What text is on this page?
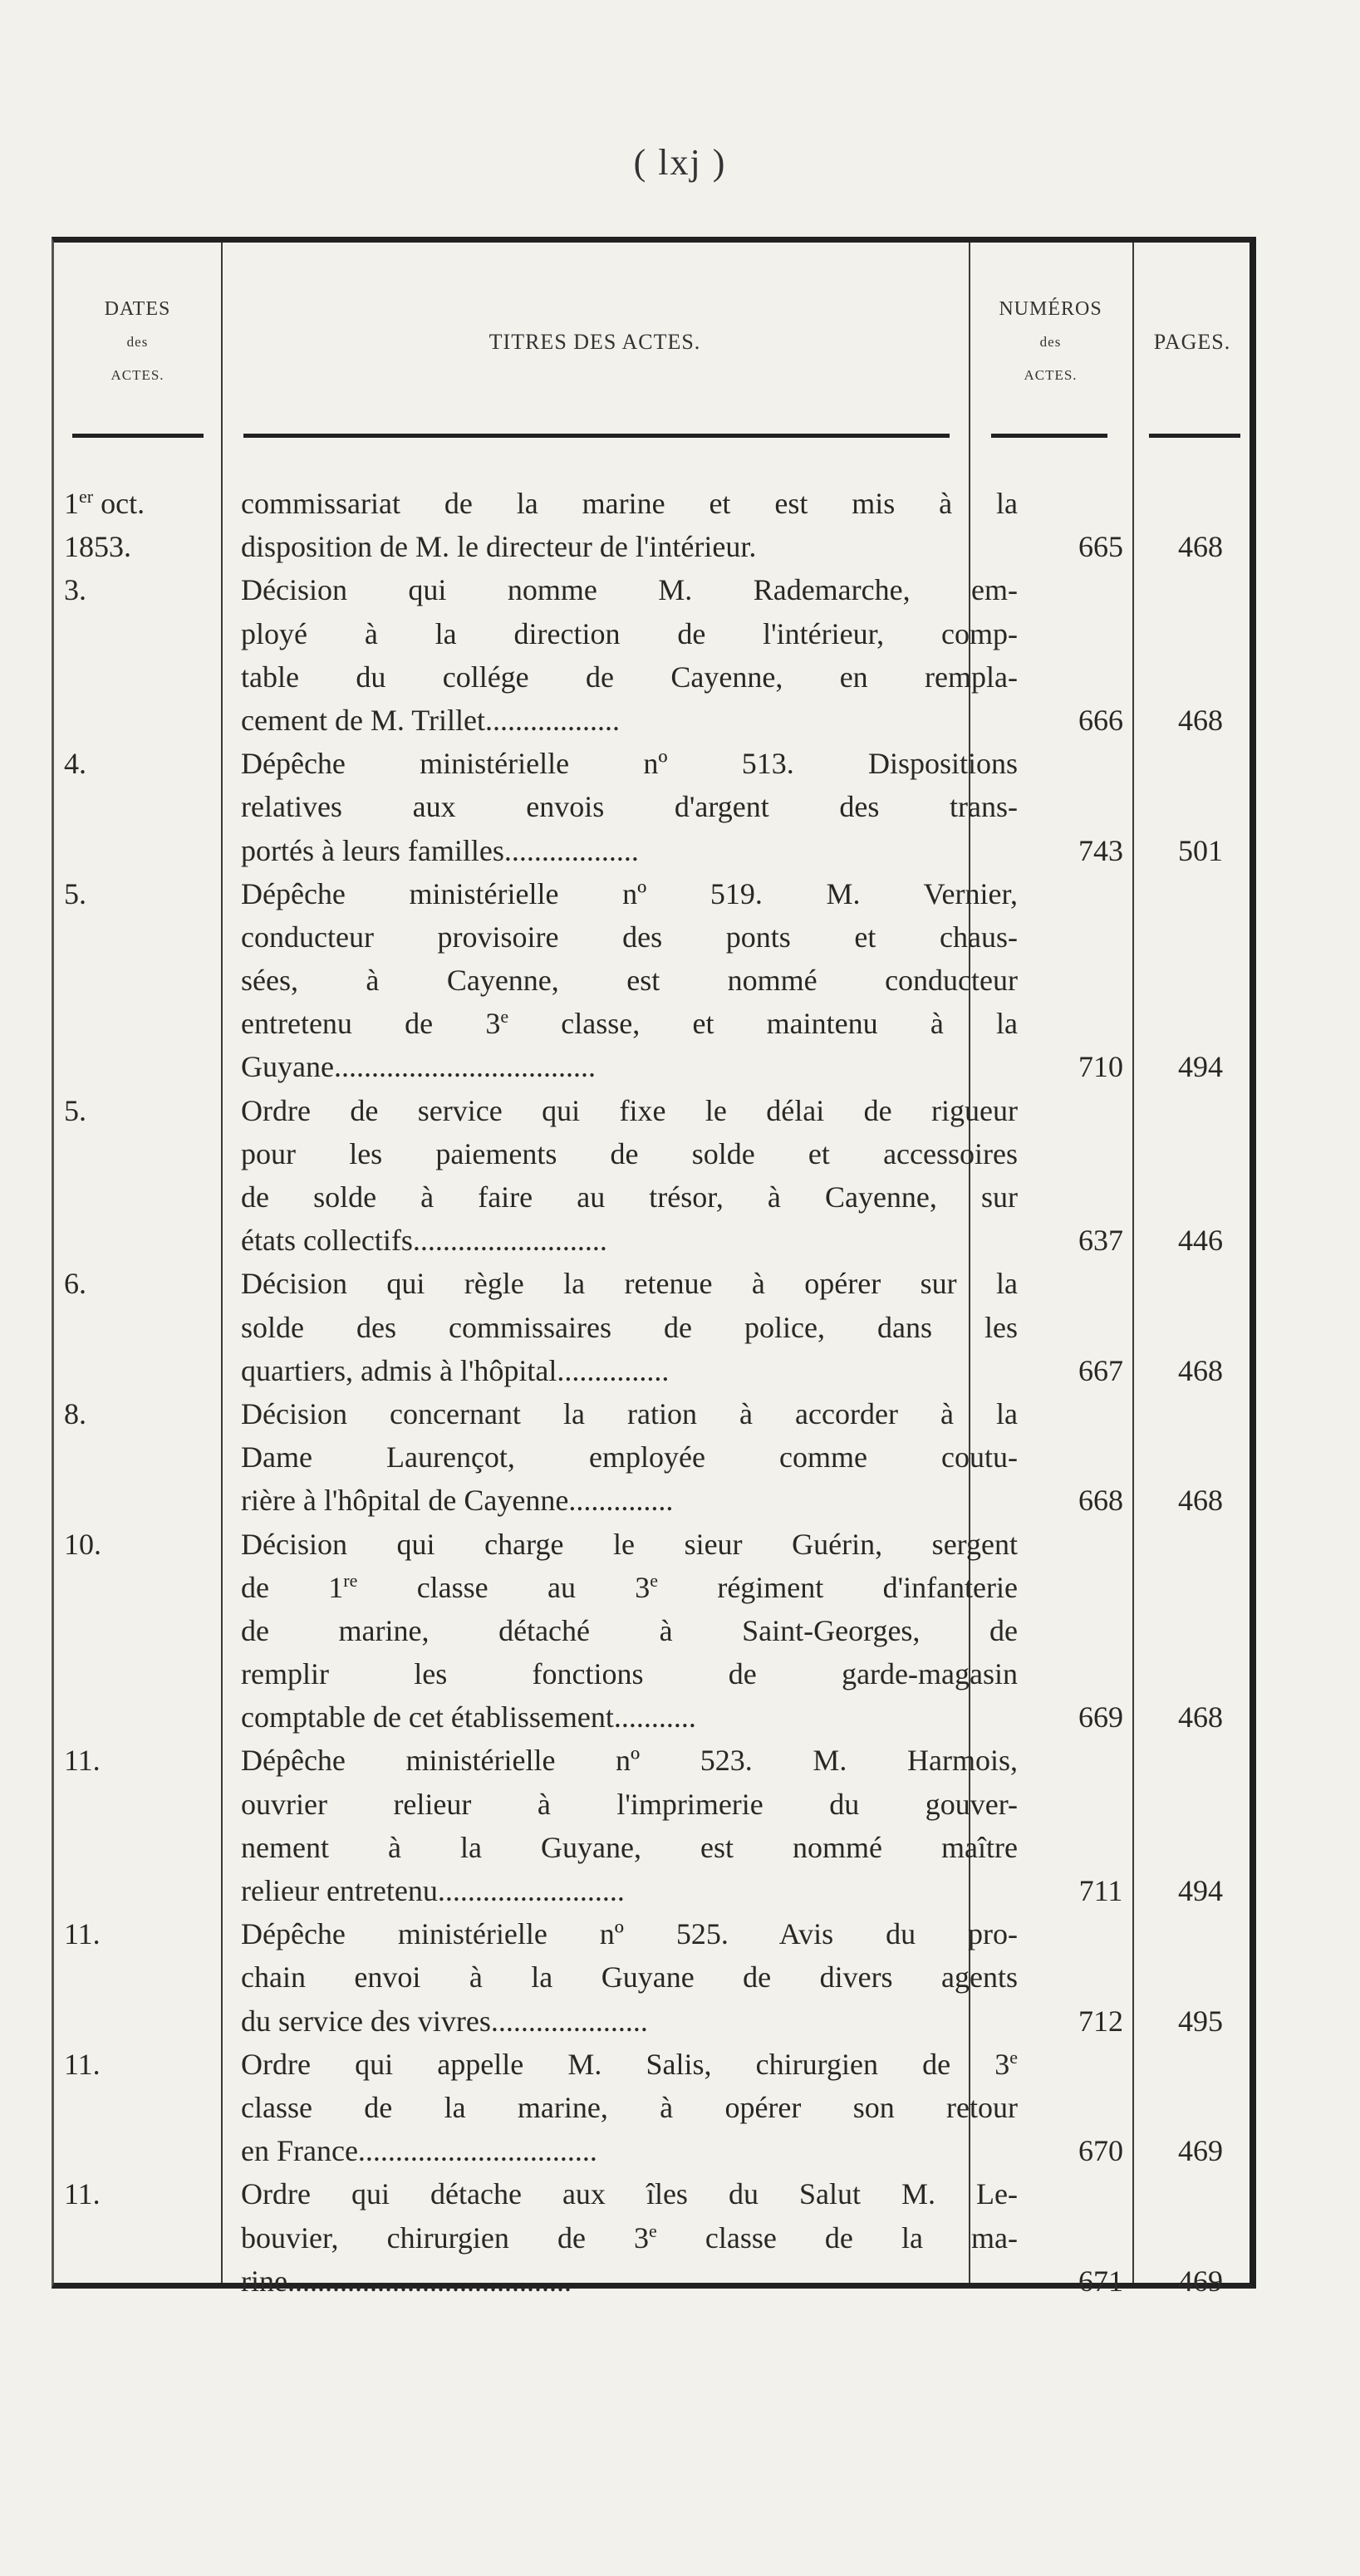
( lxj )
DATES
des
ACTES.
TITRES DES ACTES.
NUMÉROS
des
ACTES.
PAGES.
1er oct.	commissariat de la marine et est mis à la
1853.	disposition de M. le directeur de l'intérieur.	665	468
3.	Décision qui nomme M. Rademarche, em-
ployé à la direction de l'intérieur, comp-
table du collége de Cayenne, en rempla-
cement de M. Trillet..................	666	468
4.	Dépêche ministérielle nº 513. Dispositions
relatives aux envois d'argent des trans-
portés à leurs familles..................	743	501
5.	Dépêche ministérielle nº 519. M. Vernier,
conducteur provisoire des ponts et chaus-
sées, à Cayenne, est nommé conducteur
entretenu de 3e classe, et maintenu à la
Guyane...................................	710	494
5.	Ordre de service qui fixe le délai de rigueur
pour les paiements de solde et accessoires
de solde à faire au trésor, à Cayenne, sur
états collectifs..........................	637	446
6.	Décision qui règle la retenue à opérer sur la
solde des commissaires de police, dans les
quartiers, admis à l'hôpital...............	667	468
8.	Décision concernant la ration à accorder à la
Dame Laurençot, employée comme coutu-
rière à l'hôpital de Cayenne..............	668	468
10.	Décision qui charge le sieur Guérin, sergent
de 1re classe au 3e régiment d'infanterie
de marine, détaché à Saint-Georges, de
remplir les fonctions de garde-magasin
comptable de cet établissement...........	669	468
11.	Dépêche ministérielle nº 523. M. Harmois,
ouvrier relieur à l'imprimerie du gouver-
nement à la Guyane, est nommé maître
relieur entretenu.........................	711	494
11.	Dépêche ministérielle nº 525. Avis du pro-
chain envoi à la Guyane de divers agents
du service des vivres.....................	712	495
11.	Ordre qui appelle M. Salis, chirurgien de 3e
classe de la marine, à opérer son retour
en France................................	670	469
11.	Ordre qui détache aux îles du Salut M. Le-
bouvier, chirurgien de 3e classe de la ma-
rine......................................	671	469
